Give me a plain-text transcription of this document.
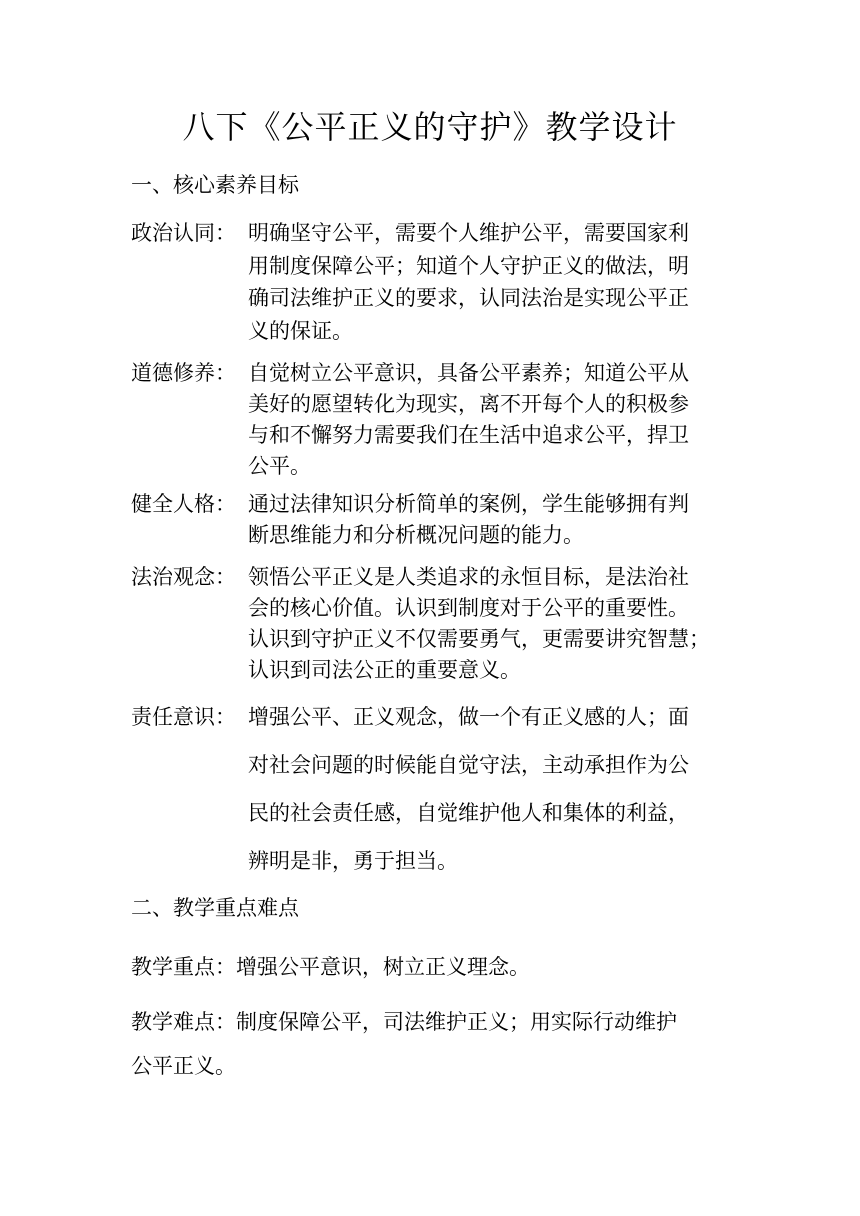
八下《公平正义的守护》教学设计
一、核心素养目标
政治认同： 明确坚守公平，需要个人维护公平，需要国家利
用制度保障公平；知道个人守护正义的做法，明
确司法维护正义的要求，认同法治是实现公平正
义的保证。
道德修养： 自觉树立公平意识，具备公平素养；知道公平从
美好的愿望转化为现实，离不开每个人的积极参
与和不懈努力需要我们在生活中追求公平，捍卫
公平。
健全人格： 通过法律知识分析简单的案例，学生能够拥有判
断思维能力和分析概况问题的能力。
法治观念： 领悟公平正义是人类追求的永恒目标，是法治社
会的核心价值。认识到制度对于公平的重要性。
认识到守护正义不仅需要勇气，更需要讲究智慧；
认识到司法公正的重要意义。
责任意识： 增强公平、正义观念，做一个有正义感的人；面
对社会问题的时候能自觉守法，主动承担作为公
民的社会责任感，自觉维护他人和集体的利益，
辨明是非，勇于担当。
二、教学重点难点
教学重点：增强公平意识，树立正义理念。
教学难点：制度保障公平，司法维护正义；用实际行动维护
公平正义。
